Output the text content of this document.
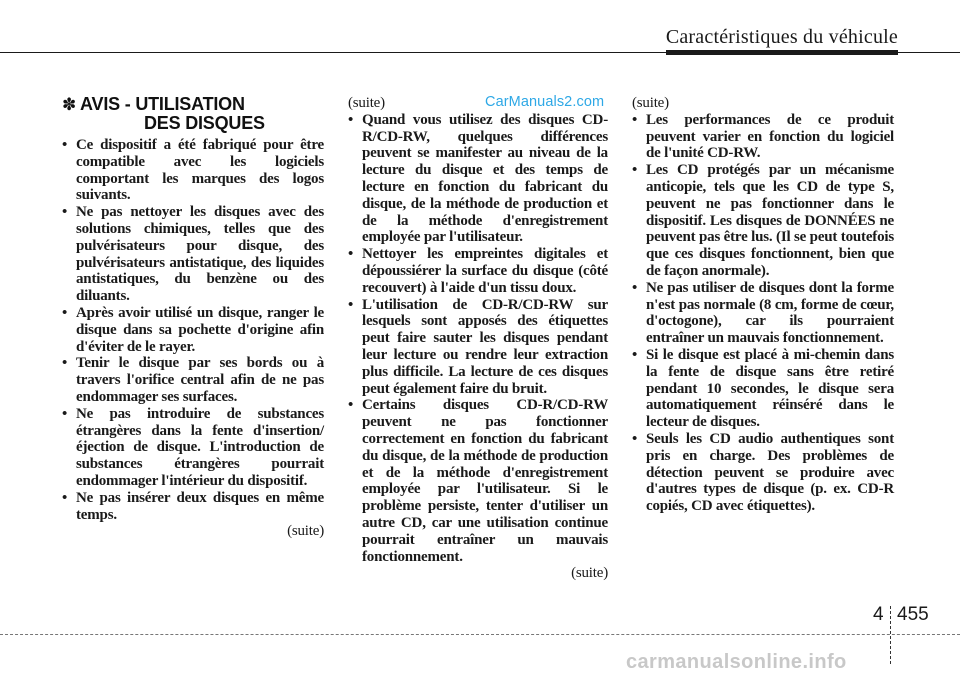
Caractéristiques du véhicule
CarManuals2.com
✽ AVIS - UTILISATION
DES DISQUES
• Ce dispositif a été fabriqué pour être compatible avec les logiciels comportant les marques des logos suivants.
• Ne pas nettoyer les disques avec des solutions chimiques, telles que des pulvérisateurs pour disque, des pulvérisateurs antistatique, des liquides antistatiques, du benzène ou des diluants.
• Après avoir utilisé un disque, ranger le disque dans sa pochette d'origine afin d'éviter de le rayer.
• Tenir le disque par ses bords ou à travers l'orifice central afin de ne pas endommager ses surfaces.
• Ne pas introduire de substances étrangères dans la fente d'insertion/éjection de disque. L'introduction de substances étrangères pourrait endommager l'intérieur du dispositif.
• Ne pas insérer deux disques en même temps.
(suite)
(suite)
• Quand vous utilisez des disques CD-R/CD-RW, quelques différences peuvent se manifester au niveau de la lecture du disque et des temps de lecture en fonction du fabricant du disque, de la méthode de production et de la méthode d'enregistrement employée par l'utilisateur.
• Nettoyer les empreintes digitales et dépoussiérer la surface du disque (côté recouvert) à l'aide d'un tissu doux.
• L'utilisation de CD-R/CD-RW sur lesquels sont apposés des étiquettes peut faire sauter les disques pendant leur lecture ou rendre leur extraction plus difficile. La lecture de ces disques peut également faire du bruit.
• Certains disques CD-R/CD-RW peuvent ne pas fonctionner correctement en fonction du fabricant du disque, de la méthode de production et de la méthode d'enregistrement employée par l'utilisateur. Si le problème persiste, tenter d'utiliser un autre CD, car une utilisation continue pourrait entraîner un mauvais fonctionnement.
(suite)
(suite)
• Les performances de ce produit peuvent varier en fonction du logiciel de l'unité CD-RW.
• Les CD protégés par un mécanisme anticopie, tels que les CD de type S, peuvent ne pas fonctionner dans le dispositif. Les disques de DONNÉES ne peuvent pas être lus. (Il se peut toutefois que ces disques fonctionnent, bien que de façon anormale).
• Ne pas utiliser de disques dont la forme n'est pas normale (8 cm, forme de cœur, d'octogone), car ils pourraient entraîner un mauvais fonctionnement.
• Si le disque est placé à mi-chemin dans la fente de disque sans être retiré pendant 10 secondes, le disque sera automatiquement réinséré dans le lecteur de disques.
• Seuls les CD audio authentiques sont pris en charge. Des problèmes de détection peuvent se produire avec d'autres types de disque (p. ex. CD-R copiés, CD avec étiquettes).
4 455
carmanualsonline.info
